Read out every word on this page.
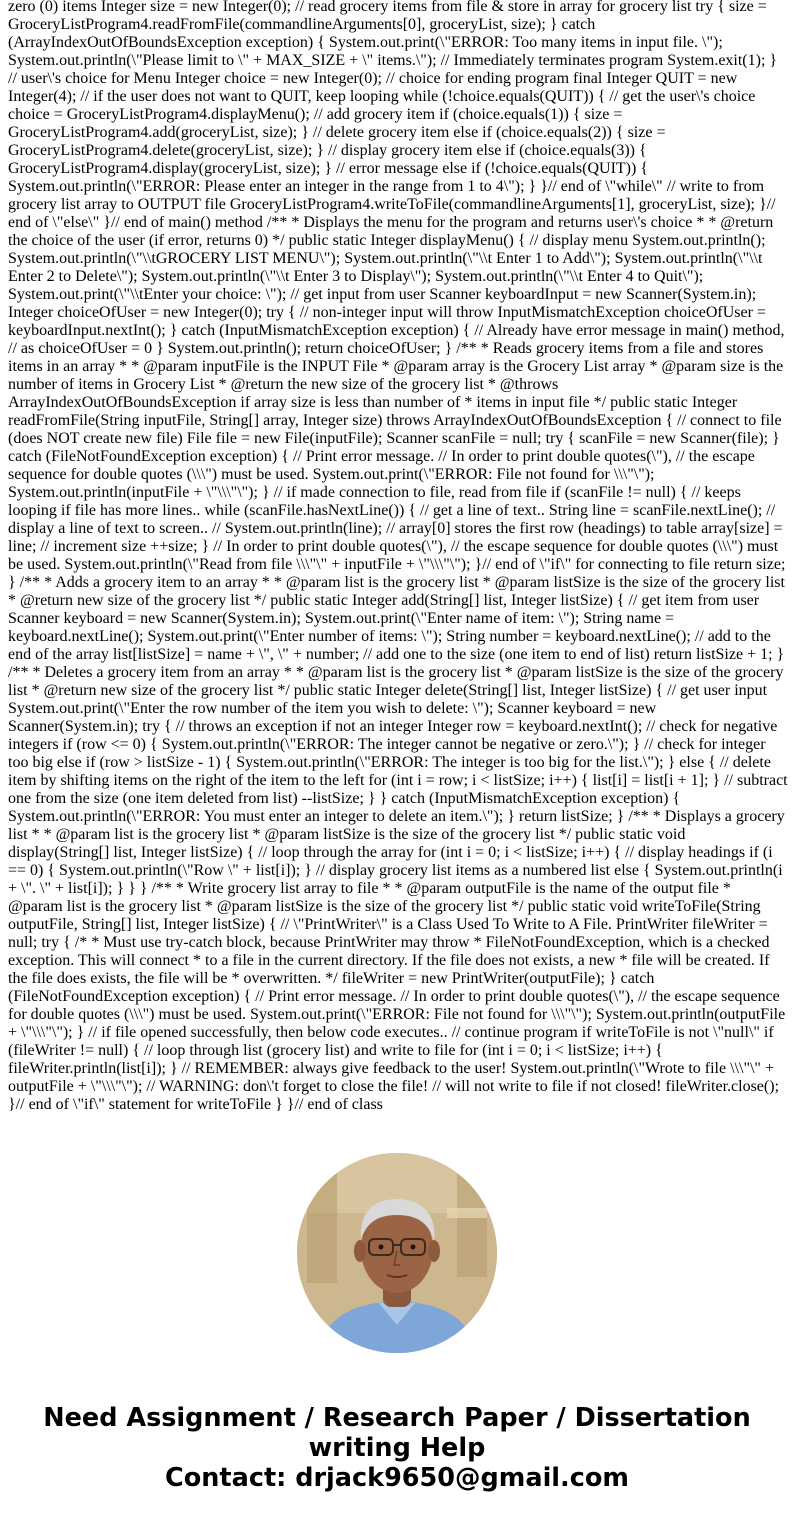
zero (0) items Integer size = new Integer(0); // read grocery items from file & store in array for grocery list try { size = GroceryListProgram4.readFromFile(commandlineArguments[0], groceryList, size); } catch (ArrayIndexOutOfBoundsException exception) { System.out.print(\"ERROR: Too many items in input file. \"); System.out.println(\"Please limit to \" + MAX_SIZE + \" items.\"); // Immediately terminates program System.exit(1); } // user\'s choice for Menu Integer choice = new Integer(0); // choice for ending program final Integer QUIT = new Integer(4); // if the user does not want to QUIT, keep looping while (!choice.equals(QUIT)) { // get the user\'s choice choice = GroceryListProgram4.displayMenu(); // add grocery item if (choice.equals(1)) { size = GroceryListProgram4.add(groceryList, size); } // delete grocery item else if (choice.equals(2)) { size = GroceryListProgram4.delete(groceryList, size); } // display grocery item else if (choice.equals(3)) { GroceryListProgram4.display(groceryList, size); } // error message else if (!choice.equals(QUIT)) { System.out.println(\"ERROR: Please enter an integer in the range from 1 to 4\"); } }// end of \"while\" // write to from grocery list array to OUTPUT file GroceryListProgram4.writeToFile(commandlineArguments[1], groceryList, size); }// end of \"else\" }// end of main() method /** * Displays the menu for the program and returns user\'s choice * * @return the choice of the user (if error, returns 0) */ public static Integer displayMenu() { // display menu System.out.println(); System.out.println(\"\\tGROCERY LIST MENU\"); System.out.println(\"\\t Enter 1 to Add\"); System.out.println(\"\\t Enter 2 to Delete\"); System.out.println(\"\\t Enter 3 to Display\"); System.out.println(\"\\t Enter 4 to Quit\"); System.out.print(\"\\tEnter your choice: \"); // get input from user Scanner keyboardInput = new Scanner(System.in); Integer choiceOfUser = new Integer(0); try { // non-integer input will throw InputMismatchException choiceOfUser = keyboardInput.nextInt(); } catch (InputMismatchException exception) { // Already have error message in main() method, // as choiceOfUser = 0 } System.out.println(); return choiceOfUser; } /** * Reads grocery items from a file and stores items in an array * * @param inputFile is the INPUT File * @param array is the Grocery List array * @param size is the number of items in Grocery List * @return the new size of the grocery list * @throws ArrayIndexOutOfBoundsException if array size is less than number of * items in input file */ public static Integer readFromFile(String inputFile, String[] array, Integer size) throws ArrayIndexOutOfBoundsException { // connect to file (does NOT create new file) File file = new File(inputFile); Scanner scanFile = null; try { scanFile = new Scanner(file); } catch (FileNotFoundException exception) { // Print error message. // In order to print double quotes(\"), // the escape sequence for double quotes (\\\") must be used. System.out.print(\"ERROR: File not found for \\\"\"); System.out.println(inputFile + \"\\\"\"); } // if made connection to file, read from file if (scanFile != null) { // keeps looping if file has more lines.. while (scanFile.hasNextLine()) { // get a line of text.. String line = scanFile.nextLine(); // display a line of text to screen.. // System.out.println(line); // array[0] stores the first row (headings) to table array[size] = line; // increment size ++size; } // In order to print double quotes(\"), // the escape sequence for double quotes (\\\") must be used. System.out.println(\"Read from file \\\"\" + inputFile + \"\\\"\"); }// end of \"if\" for connecting to file return size; } /** * Adds a grocery item to an array * * @param list is the grocery list * @param listSize is the size of the grocery list * @return new size of the grocery list */ public static Integer add(String[] list, Integer listSize) { // get item from user Scanner keyboard = new Scanner(System.in); System.out.print(\"Enter name of item: \"); String name = keyboard.nextLine(); System.out.print(\"Enter number of items: \"); String number = keyboard.nextLine(); // add to the end of the array list[listSize] = name + \", \" + number; // add one to the size (one item to end of list) return listSize + 1; } /** * Deletes a grocery item from an array * * @param list is the grocery list * @param listSize is the size of the grocery list * @return new size of the grocery list */ public static Integer delete(String[] list, Integer listSize) { // get user input System.out.print(\"Enter the row number of the item you wish to delete: \"); Scanner keyboard = new Scanner(System.in); try { // throws an exception if not an integer Integer row = keyboard.nextInt(); // check for negative integers if (row <= 0) { System.out.println(\"ERROR: The integer cannot be negative or zero.\"); } // check for integer too big else if (row > listSize - 1) { System.out.println(\"ERROR: The integer is too big for the list.\"); } else { // delete item by shifting items on the right of the item to the left for (int i = row; i < listSize; i++) { list[i] = list[i + 1]; } // subtract one from the size (one item deleted from list) --listSize; } } catch (InputMismatchException exception) { System.out.println(\"ERROR: You must enter an integer to delete an item.\"); } return listSize; } /** * Displays a grocery list * * @param list is the grocery list * @param listSize is the size of the grocery list */ public static void display(String[] list, Integer listSize) { // loop through the array for (int i = 0; i < listSize; i++) { // display headings if (i == 0) { System.out.println(\"Row \" + list[i]); } // display grocery list items as a numbered list else { System.out.println(i + \". \" + list[i]); } } } /** * Write grocery list array to file * * @param outputFile is the name of the output file * @param list is the grocery list * @param listSize is the size of the grocery list */ public static void writeToFile(String outputFile, String[] list, Integer listSize) { // \"PrintWriter\" is a Class Used To Write to A File. PrintWriter fileWriter = null; try { /* * Must use try-catch block, because PrintWriter may throw * FileNotFoundException, which is a checked exception. This will connect * to a file in the current directory. If the file does not exists, a new * file will be created. If the file does exists, the file will be * overwritten. */ fileWriter = new PrintWriter(outputFile); } catch (FileNotFoundException exception) { // Print error message. // In order to print double quotes(\"), // the escape sequence for double quotes (\\\") must be used. System.out.print(\"ERROR: File not found for \\\"\"); System.out.println(outputFile + \"\\\"\"); } // if file opened successfully, then below code executes.. // continue program if writeToFile is not \"null\" if (fileWriter != null) { // loop through list (grocery list) and write to file for (int i = 0; i < listSize; i++) { fileWriter.println(list[i]); } // REMEMBER: always give feedback to the user! System.out.println(\"Wrote to file \\\"\" + outputFile + \"\\\"\"); // WARNING: don\'t forget to close the file! // will not write to file if not closed! fileWriter.close(); }// end of \"if\" statement for writeToFile } }// end of class
Need Assignment / Research Paper / Dissertation
writing Help
Contact: drjack9650@gmail.com
